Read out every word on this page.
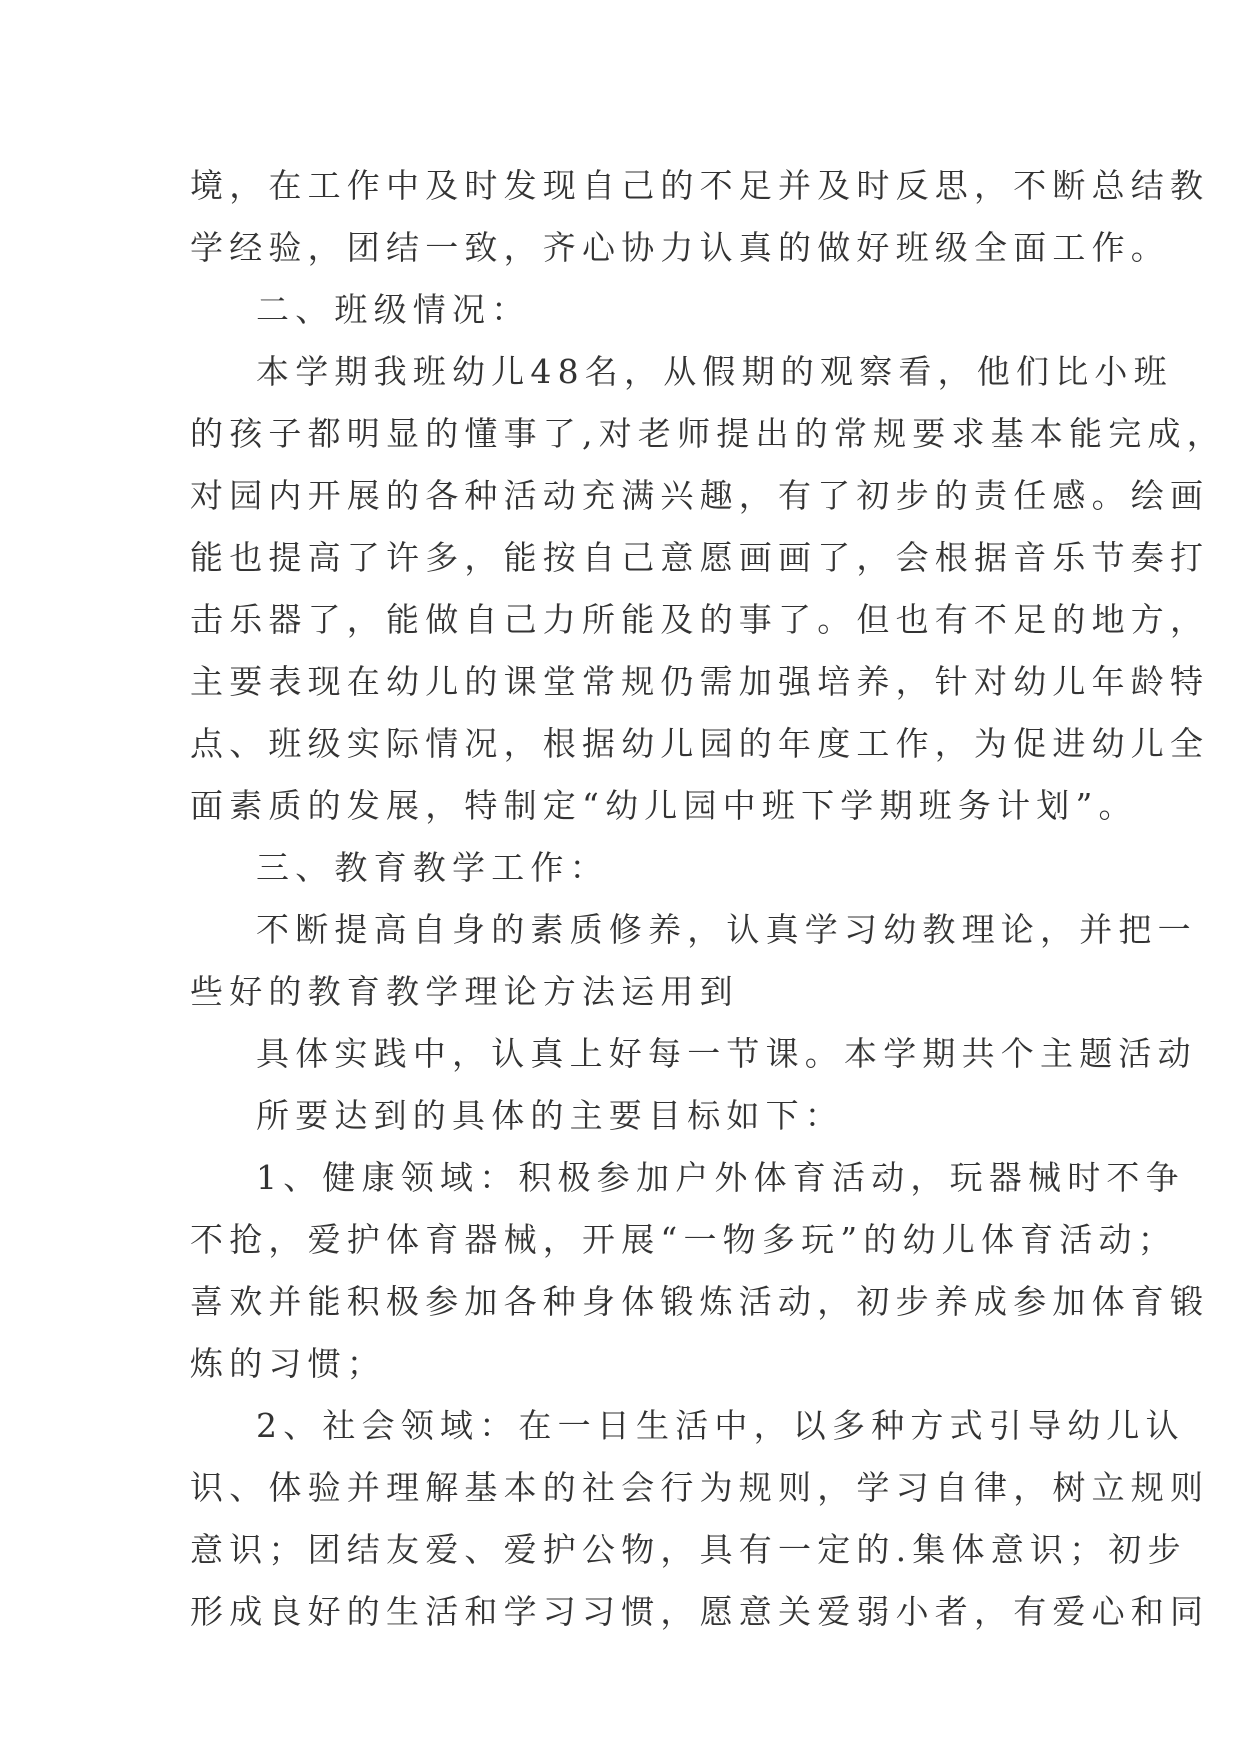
境，在工作中及时发现自己的不足并及时反思，不断总结教
学经验，团结一致，齐心协力认真的做好班级全面工作。
二、班级情况：
本学期我班幼儿48名，从假期的观察看，他们比小班
的孩子都明显的懂事了,对老师提出的常规要求基本能完成，
对园内开展的各种活动充满兴趣，有了初步的责任感。绘画
能也提高了许多，能按自己意愿画画了，会根据音乐节奏打
击乐器了，能做自己力所能及的事了。但也有不足的地方，
主要表现在幼儿的课堂常规仍需加强培养，针对幼儿年龄特
点、班级实际情况，根据幼儿园的年度工作，为促进幼儿全
面素质的发展，特制定“幼儿园中班下学期班务计划”。
三、教育教学工作：
不断提高自身的素质修养，认真学习幼教理论，并把一
些好的教育教学理论方法运用到
具体实践中，认真上好每一节课。本学期共个主题活动
所要达到的具体的主要目标如下：
1、健康领域：积极参加户外体育活动，玩器械时不争
不抢，爱护体育器械，开展“一物多玩”的幼儿体育活动；
喜欢并能积极参加各种身体锻炼活动，初步养成参加体育锻
炼的习惯；
2、社会领域：在一日生活中，以多种方式引导幼儿认
识、体验并理解基本的社会行为规则，学习自律，树立规则
意识；团结友爱、爱护公物，具有一定的.集体意识；初步
形成良好的生活和学习习惯，愿意关爱弱小者，有爱心和同
